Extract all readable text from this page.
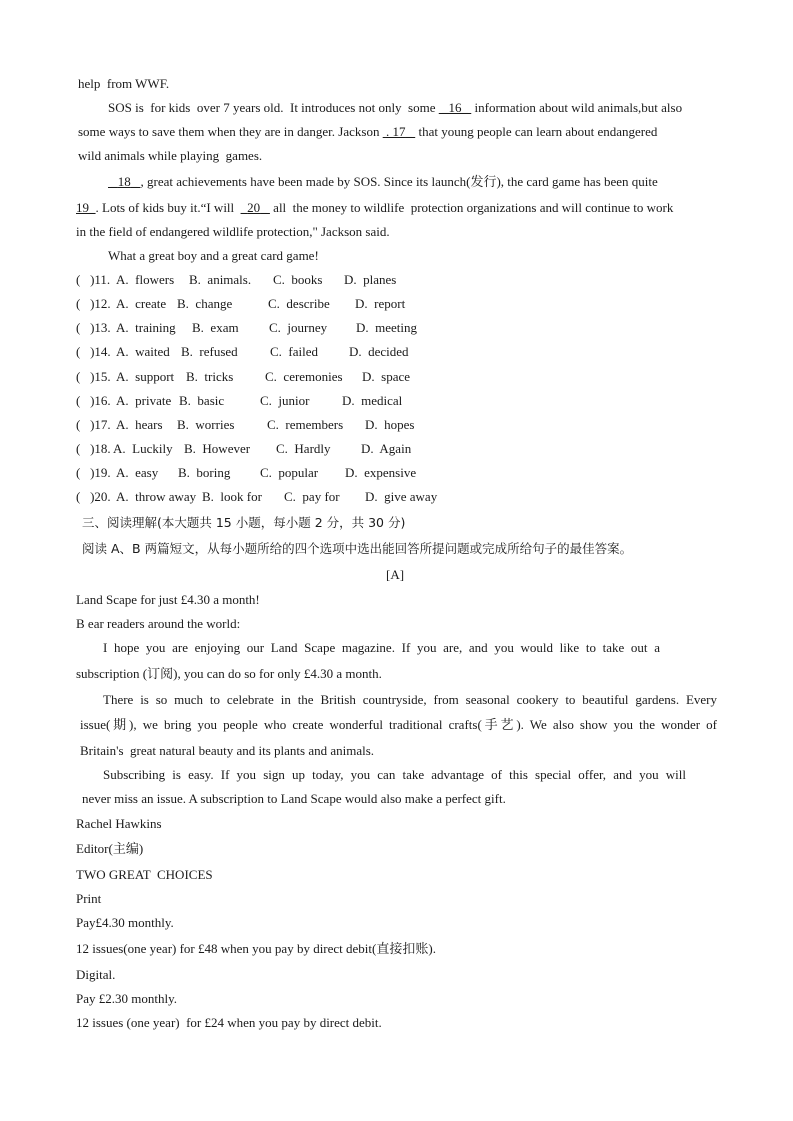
help  from WWF.
SOS is  for kids  over 7 years old.  It introduces not only  some  _16_  information about wild animals,but also
some ways to save them when they are in danger. Jackson . 17_  that young people can learn about endangered
wild animals while playing  games.
_18_ , great achievements have been made by SOS. Since its launch(发行), the card game has been quite
19_. Lots of kids buy it.“I will _20_  all  the money to wildlife  protection organizations and will continue to work
in the field of endangered wildlife protection," Jackson said.
What a great boy and a great card game!
(   )11. A.  flowers B.  animals. C.  books D.  planes
(   )12. A.  create B.  change	C.  describe D.  report
(   )13. A.  training B.  exam C.  journey D.  meeting
(   )14. A.  waited B.  refused C.  failed D.  decided
(   )15. A.  support B.  tricks C.  ceremonies D.  space
(   )16. A.  private B.  basic	C.  junior	D.  medical
(   )17. A.  hears B.  worries	C.  remembers D.  hopes
(   )18. A.  Luckily B.  However C.  Hardly D.  Again
(   )19. A.  easy B.  boring C.  popular D.  expensive
(   )20. A.  throw away B.  look for C.  pay for D.  give away
三、阅读理解(本大题共 15 小题，每小题 2 分，共 30 分)
阅读 A、B 两篇短文，从每小题所给的四个选项中选出能回答所提问题或完成所给句子的最佳答案。
[A]
Land Scape for just £4.30 a month!
B ear readers around the world:
I hope you are enjoying our Land Scape magazine. If you are, and you would like to take out a
subscription (订阅), you can do so for only £4.30 a month.
There is so much to celebrate in the British countryside, from seasonal cookery to beautiful gardens. Every
issue(期), we bring you people who create wonderful traditional crafts(手艺). We also show you the wonder of
Britain's  great natural beauty and its plants and animals.
Subscribing is easy. If you sign up today, you can take advantage of this special offer, and you will
never miss an issue. A subscription to Land Scape would also make a perfect gift.
Rachel Hawkins
Editor(主编)
TWO GREAT  CHOICES
Print
Pay£4.30 monthly.
12 issues(one year) for £48 when you pay by direct debit(直接扣账).
Digital.
Pay £2.30 monthly.
12 issues (one year)  for £24 when you pay by direct debit.
